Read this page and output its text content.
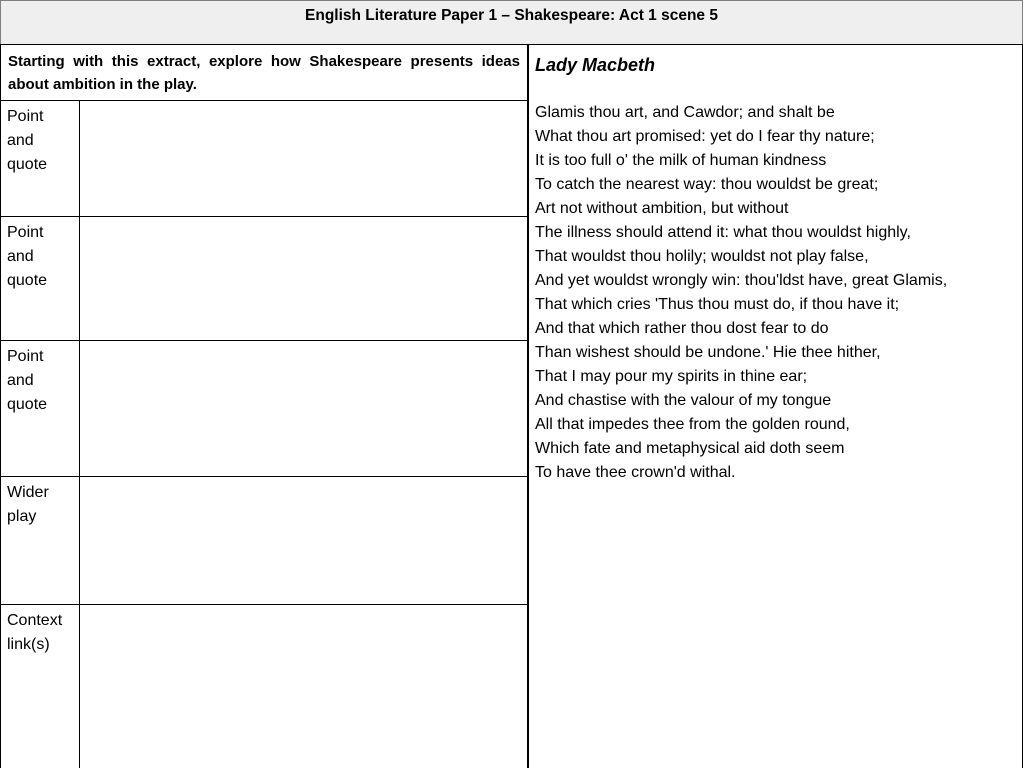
English Literature Paper 1 – Shakespeare: Act 1 scene 5
Starting with this extract, explore how Shakespeare presents ideas about ambition in the play.
Point and quote
Point and quote
Point and quote
Wider play
Context link(s)
Lady Macbeth
Glamis thou art, and Cawdor; and shalt be
What thou art promised: yet do I fear thy nature;
It is too full o' the milk of human kindness
To catch the nearest way: thou wouldst be great;
Art not without ambition, but without
The illness should attend it: what thou wouldst highly,
That wouldst thou holily; wouldst not play false,
And yet wouldst wrongly win: thou'ldst have, great Glamis,
That which cries 'Thus thou must do, if thou have it;
And that which rather thou dost fear to do
Than wishest should be undone.' Hie thee hither,
That I may pour my spirits in thine ear;
And chastise with the valour of my tongue
All that impedes thee from the golden round,
Which fate and metaphysical aid doth seem
To have thee crown'd withal.
